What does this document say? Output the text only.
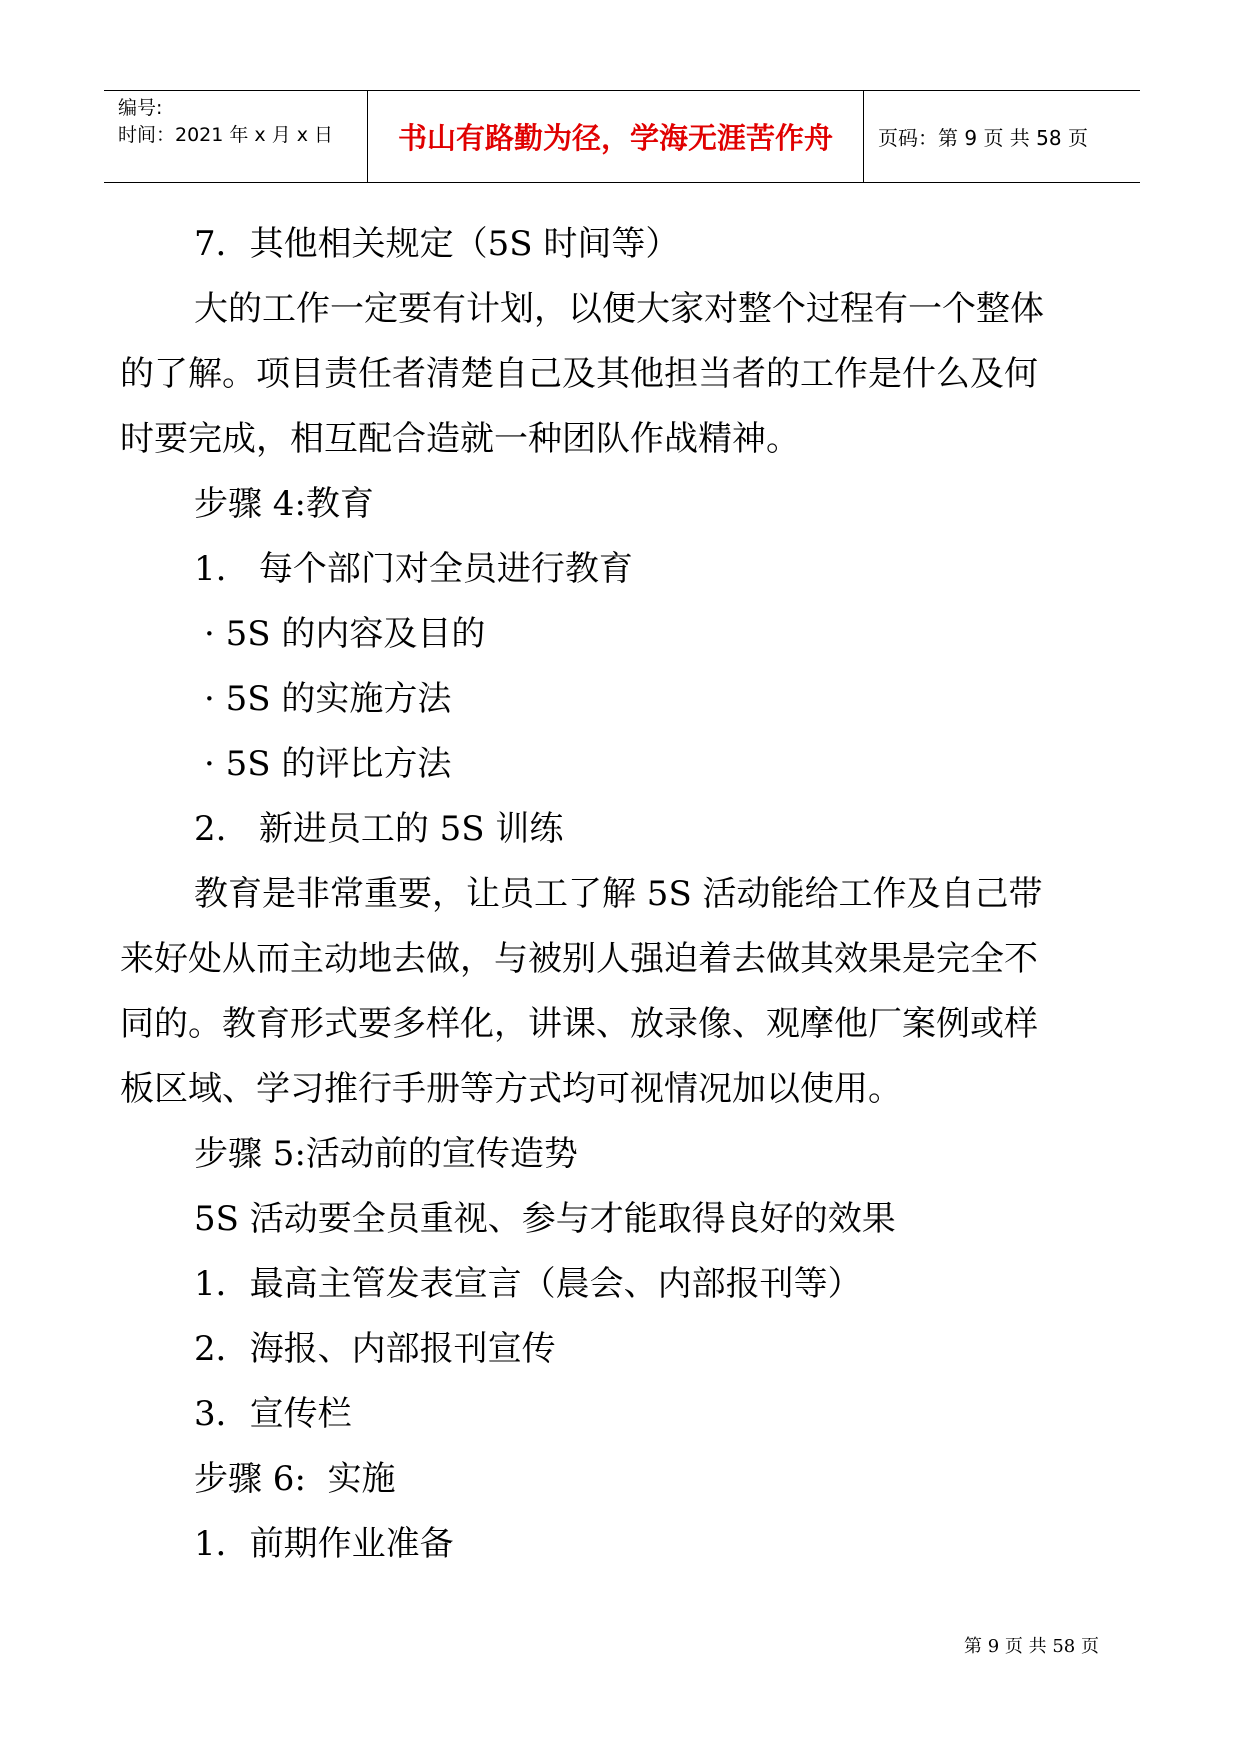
编号:
时间：2021 年 x 月 x 日	书山有路勤为径，学海无涯苦作舟	页码：第 9 页 共 58 页

7．其他相关规定（5S 时间等）

大的工作一定要有计划，以便大家对整个过程有一个整体

的了解。项目责任者清楚自己及其他担当者的工作是什么及何

时要完成，相互配合造就一种团队作战精神。

步骤 4:教育

1.   每个部门对全员进行教育

· 5S 的内容及目的

· 5S 的实施方法

· 5S 的评比方法

2.   新进员工的 5S 训练

教育是非常重要，让员工了解 5S 活动能给工作及自己带

来好处从而主动地去做，与被别人强迫着去做其效果是完全不

同的。教育形式要多样化，讲课、放录像、观摩他厂案例或样

板区域、学习推行手册等方式均可视情况加以使用。

步骤 5:活动前的宣传造势

5S 活动要全员重视、参与才能取得良好的效果

1．最高主管发表宣言（晨会、内部报刊等）

2．海报、内部报刊宣传

3．宣传栏

步骤 6:  实施

1．前期作业准备

第 9 页 共 58 页
